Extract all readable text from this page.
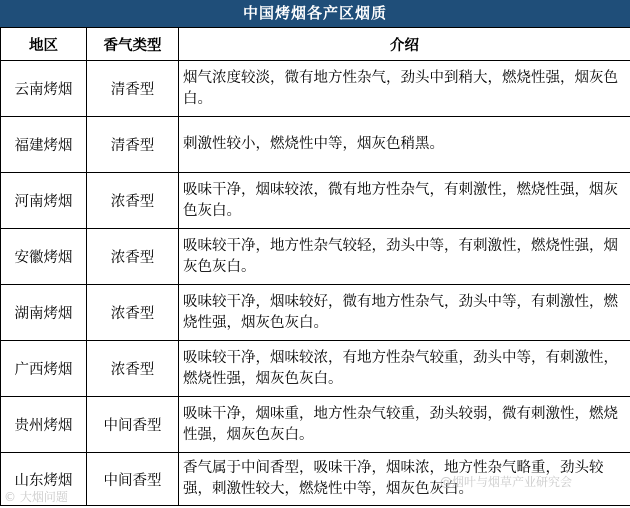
中国烤烟各产区烟质
地区	香气类型	介绍
云南烤烟	清香型	烟气浓度较淡，微有地方性杂气，劲头中到稍大，燃烧性强，烟灰色白。
福建烤烟	清香型	刺激性较小，燃烧性中等，烟灰色稍黑。
河南烤烟	浓香型	吸味干净，烟味较浓，微有地方性杂气，有刺激性，燃烧性强，烟灰色灰白。
安徽烤烟	浓香型	吸味较干净，地方性杂气较轻，劲头中等，有刺激性，燃烧性强，烟灰色灰白。
湖南烤烟	浓香型	吸味较干净，烟味较好，微有地方性杂气，劲头中等，有刺激性，燃烧性强，烟灰色灰白。
广西烤烟	浓香型	吸味较干净，烟味较浓，有地方性杂气较重，劲头中等，有刺激性，燃烧性强，烟灰色灰白。
贵州烤烟	中间香型	吸味干净，烟味重，地方性杂气较重，劲头较弱，微有刺激性，燃烧性强，烟灰色灰白。
山东烤烟	中间香型	香气属于中间香型，吸味干净，烟味浓，地方性杂气略重，劲头较强，刺激性较大，燃烧性中等，烟灰色灰白。
© 大烟问题
@烟叶与烟草产业研究会
